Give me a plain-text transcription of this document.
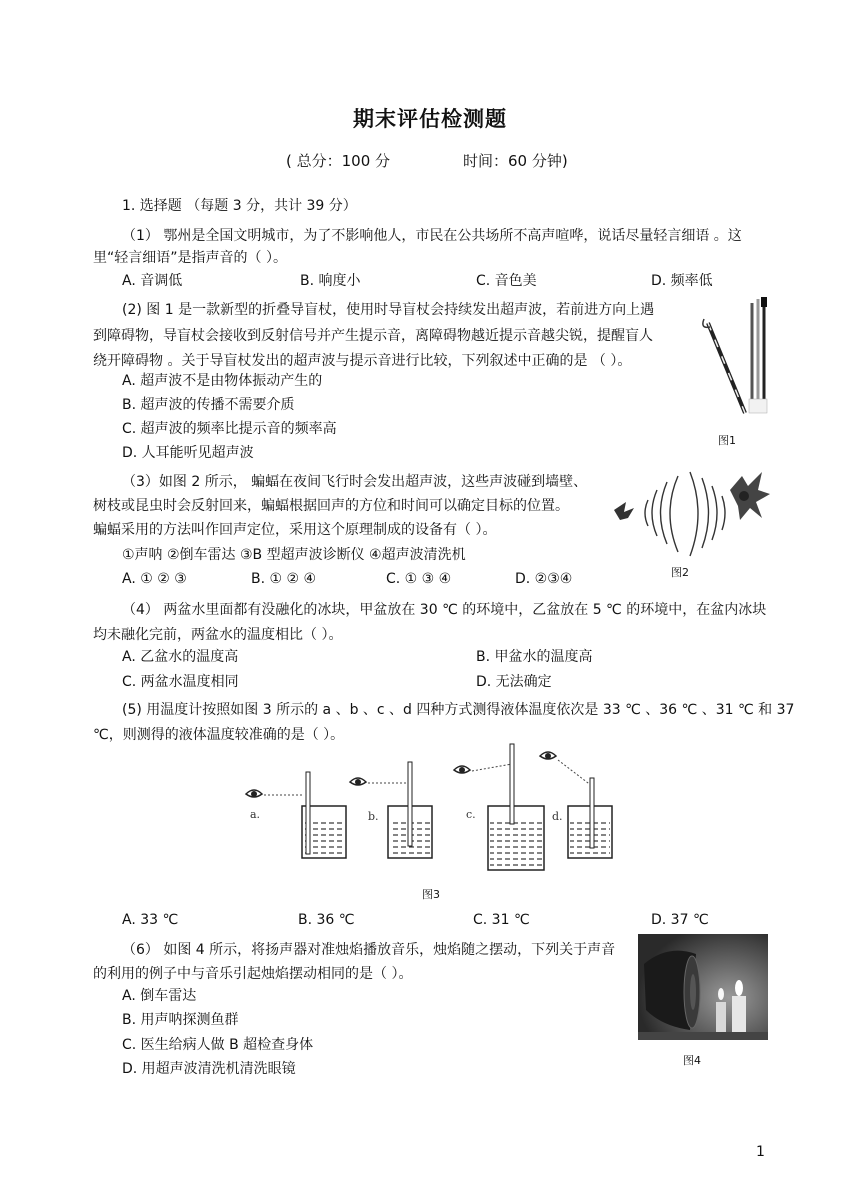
期末评估检测题
( 总分：100 分	时间：60 分钟)
1. 选择题 （每题 3 分，共计 39 分）
（1） 鄂州是全国文明城市，为了不影响他人，市民在公共场所不高声喧哗，说话尽量轻言细语 。这
里“轻言细语”是指声音的（ ）。
A. 音调低	B. 响度小	C. 音色美	D. 频率低
(2) 图 1 是一款新型的折叠导盲杖，使用时导盲杖会持续发出超声波，若前进方向上遇
到障碍物，导盲杖会接收到反射信号并产生提示音，离障碍物越近提示音越尖锐，提醒盲人
绕开障碍物 。关于导盲杖发出的超声波与提示音进行比较，下列叙述中正确的是 （ ）。
A. 超声波不是由物体振动产生的
B. 超声波的传播不需要介质
C. 超声波的频率比提示音的频率高
D. 人耳能听见超声波
图1
（3）如图 2 所示， 蝙蝠在夜间飞行时会发出超声波，这些声波碰到墙壁、
树枝或昆虫时会反射回来，蝙蝠根据回声的方位和时间可以确定目标的位置。
蝙蝠采用的方法叫作回声定位，采用这个原理制成的设备有（ ）。
①声呐 ②倒车雷达 ③B 型超声波诊断仪 ④超声波清洗机
A. ① ② ③	B. ① ② ④	C. ① ③ ④	D. ②③④	图2
（4） 两盆水里面都有没融化的冰块，甲盆放在 30 ℃ 的环境中，乙盆放在 5 ℃ 的环境中，在盆内冰块
均未融化完前，两盆水的温度相比（ ）。
A. 乙盆水的温度高	B. 甲盆水的温度高
C. 两盆水温度相同	D. 无法确定
(5) 用温度计按照如图 3 所示的 a 、b 、c 、d 四种方式测得液体温度依次是 33 ℃ 、36 ℃ 、31 ℃ 和 37
℃，则测得的液体温度较准确的是（ ）。
a.	b.	c.	d.
图3
A. 33 ℃	B. 36 ℃	C. 31 ℃	D. 37 ℃
（6） 如图 4 所示，将扬声器对准烛焰播放音乐，烛焰随之摆动，下列关于声音
的利用的例子中与音乐引起烛焰摆动相同的是（ ）。
A. 倒车雷达
B. 用声呐探测鱼群
C. 医生给病人做 B 超检查身体
D. 用超声波清洗机清洗眼镜
图4
1
